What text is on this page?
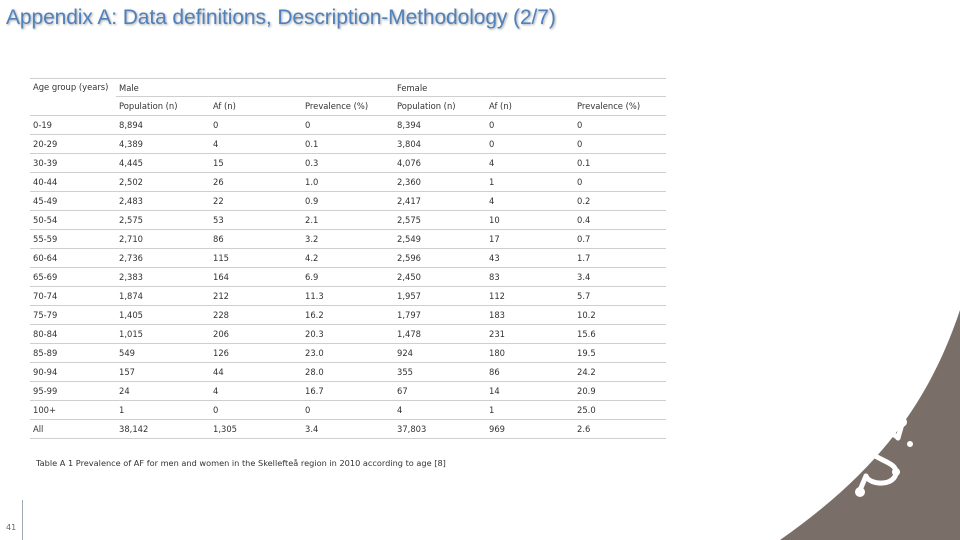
Appendix A: Data definitions, Description-Methodology (2/7)
Age group (years)	Male			Female		
	Population (n)	Af (n)	Prevalence (%)	Population (n)	Af (n)	Prevalence (%)
0-19	8,894	0	0	8,394	0	0
20-29	4,389	4	0.1	3,804	0	0
30-39	4,445	15	0.3	4,076	4	0.1
40-44	2,502	26	1.0	2,360	1	0
45-49	2,483	22	0.9	2,417	4	0.2
50-54	2,575	53	2.1	2,575	10	0.4
55-59	2,710	86	3.2	2,549	17	0.7
60-64	2,736	115	4.2	2,596	43	1.7
65-69	2,383	164	6.9	2,450	83	3.4
70-74	1,874	212	11.3	1,957	112	5.7
75-79	1,405	228	16.2	1,797	183	10.2
80-84	1,015	206	20.3	1,478	231	15.6
85-89	549	126	23.0	924	180	19.5
90-94	157	44	28.0	355	86	24.2
95-99	24	4	16.7	67	14	20.9
100+	1	0	0	4	1	25.0
All	38,142	1,305	3.4	37,803	969	2.6
Table A 1 Prevalence of AF for men and women in the Skellefteå region in 2010 according to age [8]
41
